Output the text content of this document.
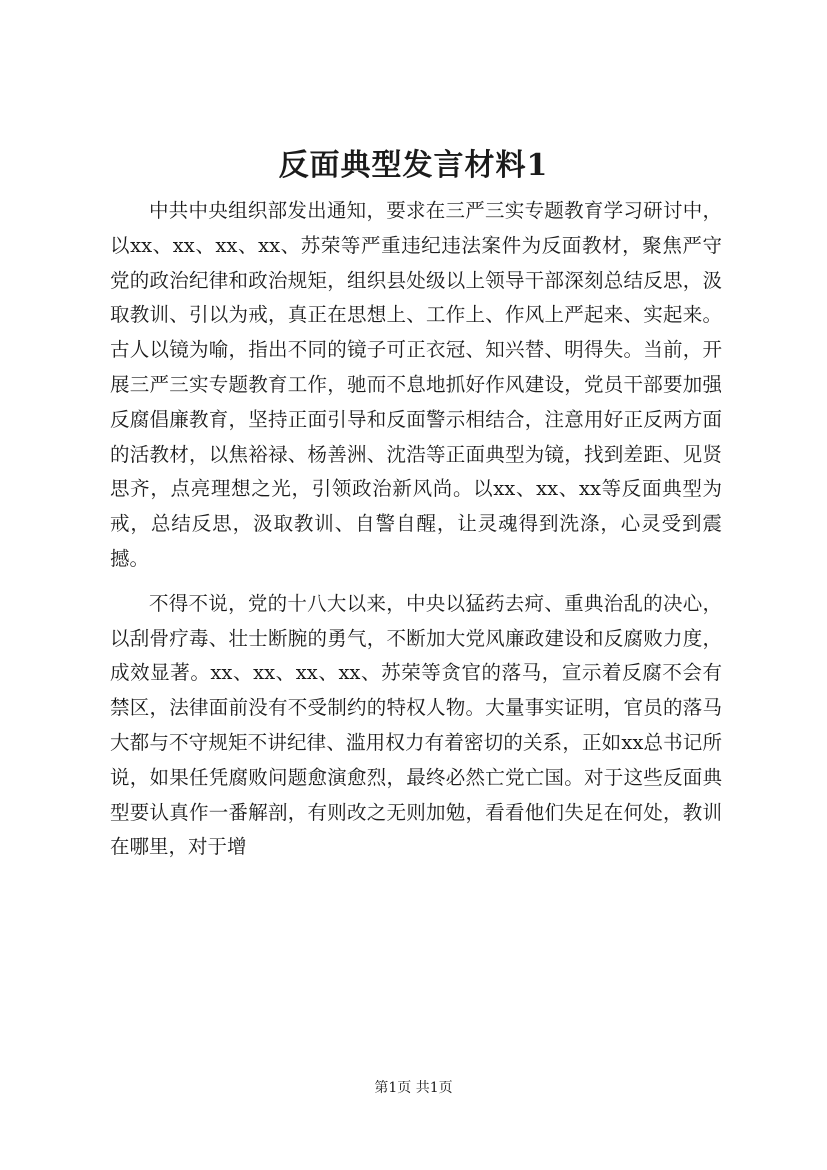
反面典型发言材料1

中共中央组织部发出通知，要求在三严三实专题教育学习研讨中，以xx、xx、xx、xx、苏荣等严重违纪违法案件为反面教材，聚焦严守党的政治纪律和政治规矩，组织县处级以上领导干部深刻总结反思，汲取教训、引以为戒，真正在思想上、工作上、作风上严起来、实起来。古人以镜为喻，指出不同的镜子可正衣冠、知兴替、明得失。当前，开展三严三实专题教育工作，驰而不息地抓好作风建设，党员干部要加强反腐倡廉教育，坚持正面引导和反面警示相结合，注意用好正反两方面的活教材，以焦裕禄、杨善洲、沈浩等正面典型为镜，找到差距、见贤思齐，点亮理想之光，引领政治新风尚。以xx、xx、xx等反面典型为戒，总结反思，汲取教训、自警自醒，让灵魂得到洗涤，心灵受到震撼。

不得不说，党的十八大以来，中央以猛药去疴、重典治乱的决心，以刮骨疗毒、壮士断腕的勇气，不断加大党风廉政建设和反腐败力度，成效显著。xx、xx、xx、xx、苏荣等贪官的落马，宣示着反腐不会有禁区，法律面前没有不受制约的特权人物。大量事实证明，官员的落马大都与不守规矩不讲纪律、滥用权力有着密切的关系，正如xx总书记所说，如果任凭腐败问题愈演愈烈，最终必然亡党亡国。对于这些反面典型要认真作一番解剖，有则改之无则加勉，看看他们失足在何处，教训在哪里，对于增

第1页 共1页
